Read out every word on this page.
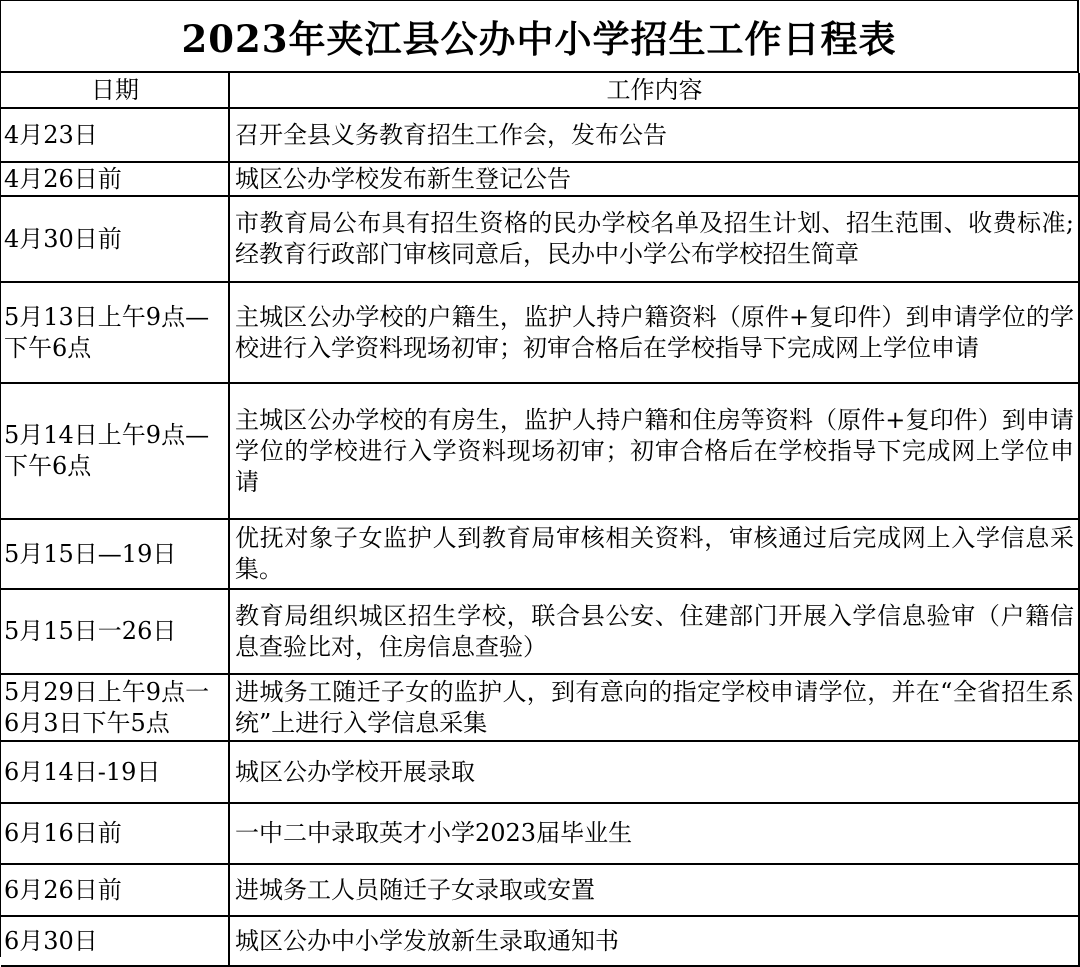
2023年夹江县公办中小学招生工作日程表
日期	工作内容
4月23日	召开全县义务教育招生工作会，发布公告
4月26日前	城区公办学校发布新生登记公告
4月30日前	市教育局公布具有招生资格的民办学校名单及招生计划、招生范围、收费标准;经教育行政部门审核同意后，民办中小学公布学校招生简章
5月13日上午9点—下午6点	主城区公办学校的户籍生，监护人持户籍资料（原件+复印件）到申请学位的学校进行入学资料现场初审；初审合格后在学校指导下完成网上学位申请
5月14日上午9点—下午6点	主城区公办学校的有房生，监护人持户籍和住房等资料（原件+复印件）到申请学位的学校进行入学资料现场初审；初审合格后在学校指导下完成网上学位申请
5月15日—19日	优抚对象子女监护人到教育局审核相关资料，审核通过后完成网上入学信息采集。
5月15日一26日	教育局组织城区招生学校，联合县公安、住建部门开展入学信息验审（户籍信息查验比对，住房信息查验）
5月29日上午9点一6月3日下午5点	进城务工随迁子女的监护人，到有意向的指定学校申请学位，并在“全省招生系统”上进行入学信息采集
6月14日-19日	城区公办学校开展录取
6月16日前	一中二中录取英才小学2023届毕业生
6月26日前	进城务工人员随迁子女录取或安置
6月30日	城区公办中小学发放新生录取通知书
